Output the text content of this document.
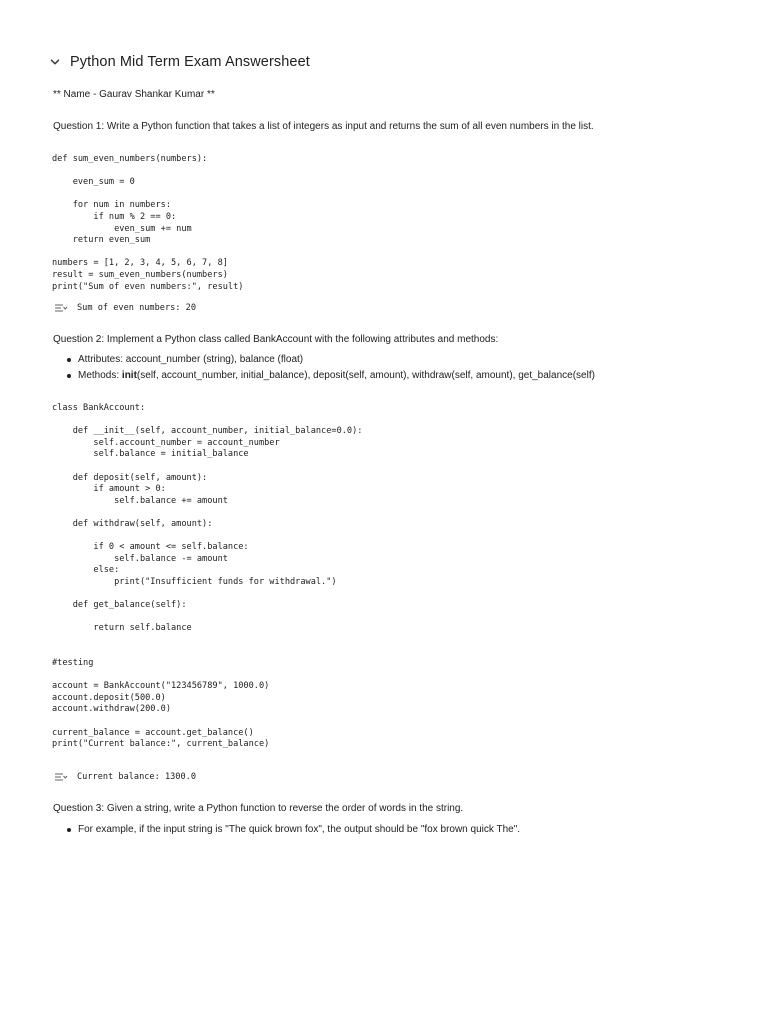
Python Mid Term Exam Answersheet
** Name - Gaurav Shankar Kumar **
Question 1: Write a Python function that takes a list of integers as input and returns the sum of all even numbers in the list.
def sum_even_numbers(numbers):

even_sum = 0

for num in numbers:
if num % 2 == 0:
even_sum += num
return even_sum

numbers = [1, 2, 3, 4, 5, 6, 7, 8]
result = sum_even_numbers(numbers)
print("Sum of even numbers:", result)
Sum of even numbers: 20
Question 2: Implement a Python class called BankAccount with the following attributes and methods:
Attributes: account_number (string), balance (float)
Methods: init(self, account_number, initial_balance), deposit(self, amount), withdraw(self, amount), get_balance(self)
class BankAccount:

def __init__(self, account_number, initial_balance=0.0):
self.account_number = account_number
self.balance = initial_balance

def deposit(self, amount):
if amount > 0:
self.balance += amount

def withdraw(self, amount):

if 0 < amount <= self.balance:
self.balance -= amount
else:
print("Insufficient funds for withdrawal.")

def get_balance(self):

return self.balance

#testing

account = BankAccount("123456789", 1000.0)
account.deposit(500.0)
account.withdraw(200.0)

current_balance = account.get_balance()
print("Current balance:", current_balance)
Current balance: 1300.0
Question 3: Given a string, write a Python function to reverse the order of words in the string.
For example, if the input string is "The quick brown fox", the output should be "fox brown quick The".
